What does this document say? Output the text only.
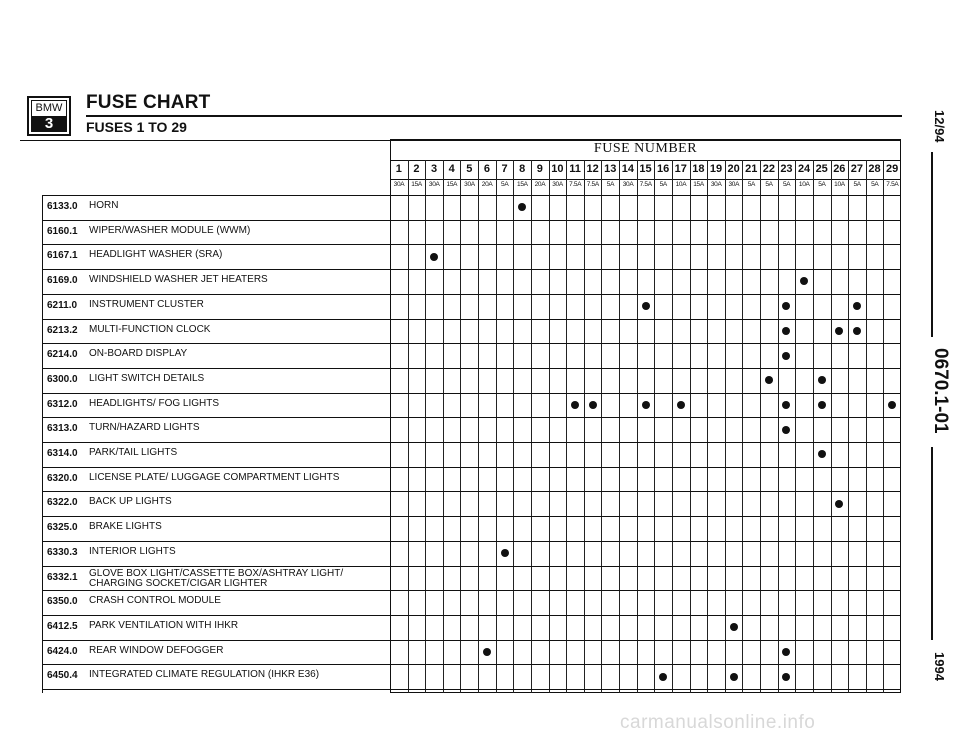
BMW
3
FUSE CHART
FUSES 1 TO 29
FUSE NUMBER
1
30A
2
15A
3
30A
4
15A
5
30A
6
20A
7
5A
8
15A
9
20A
10
30A
11
7.5A
12
7.5A
13
5A
14
30A
15
7.5A
16
5A
17
10A
18
15A
19
30A
20
30A
21
5A
22
5A
23
5A
24
10A
25
5A
26
10A
27
5A
28
5A
29
7.5A
6133.0 HORN
6160.1 WIPER/WASHER MODULE (WWM)
6167.1 HEADLIGHT WASHER (SRA)
6169.0 WINDSHIELD WASHER JET HEATERS
6211.0 INSTRUMENT CLUSTER
6213.2 MULTI-FUNCTION CLOCK
6214.0 ON-BOARD DISPLAY
6300.0 LIGHT SWITCH DETAILS
6312.0 HEADLIGHTS/ FOG LIGHTS
6313.0 TURN/HAZARD LIGHTS
6314.0 PARK/TAIL LIGHTS
6320.0 LICENSE PLATE/ LUGGAGE COMPARTMENT LIGHTS
6322.0 BACK UP LIGHTS
6325.0 BRAKE LIGHTS
6330.3 INTERIOR LIGHTS
6332.1 GLOVE BOX LIGHT/CASSETTE BOX/ASHTRAY LIGHT/ CHARGING SOCKET/CIGAR LIGHTER
6350.0 CRASH CONTROL MODULE
6412.5 PARK VENTILATION WITH IHKR
6424.0 REAR WINDOW DEFOGGER
6450.4 INTEGRATED CLIMATE REGULATION (IHKR E36)
12/94
0670.1-01
1994
carmanualsonline.info
